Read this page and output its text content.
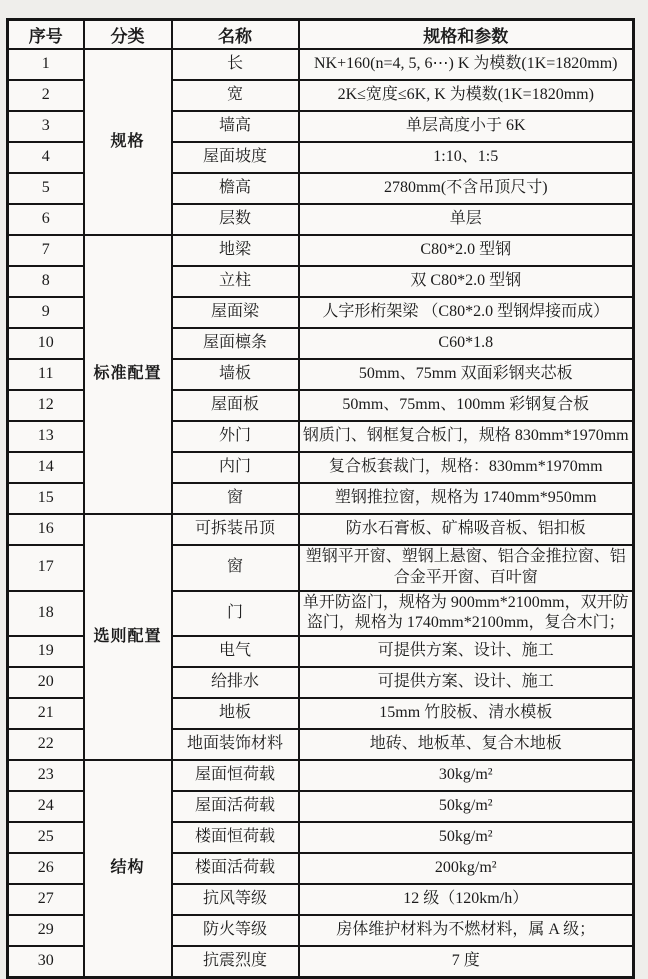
序号	分类	名称	规格和参数
1	规格	长	NK+160(n=4, 5, 6⋯) K 为模数(1K=1820mm)
2		宽	2K≤宽度≤6K, K 为模数(1K=1820mm)
3		墙高	单层高度小于 6K
4		屋面坡度	1:10、1:5
5		檐高	2780mm(不含吊顶尺寸)
6		层数	单层
7	标准配置	地梁	C80*2.0 型钢
8		立柱	双 C80*2.0 型钢
9		屋面梁	人字形桁架梁 （C80*2.0 型钢焊接而成）
10		屋面檩条	C60*1.8
11		墙板	50mm、75mm 双面彩钢夹芯板
12		屋面板	50mm、75mm、100mm 彩钢复合板
13		外门	钢质门、钢框复合板门，规格 830mm*1970mm
14		内门	复合板套裁门，规格：830mm*1970mm
15		窗	塑钢推拉窗，规格为 1740mm*950mm
16	选则配置	可拆装吊顶	防水石膏板、矿棉吸音板、铝扣板
17		窗	塑钢平开窗、塑钢上悬窗、铝合金推拉窗、铝合金平开窗、百叶窗
18		门	单开防盗门，规格为 900mm*2100mm，双开防盗门，规格为 1740mm*2100mm，复合木门；
19		电气	可提供方案、设计、施工
20		给排水	可提供方案、设计、施工
21		地板	15mm 竹胶板、清水模板
22		地面装饰材料	地砖、地板革、复合木地板
23	结构	屋面恒荷载	30kg/m²
24		屋面活荷载	50kg/m²
25		楼面恒荷载	50kg/m²
26		楼面活荷载	200kg/m²
27		抗风等级	12 级（120km/h）
29		防火等级	房体维护材料为不燃材料，属 A 级；
30		抗震烈度	7 度
